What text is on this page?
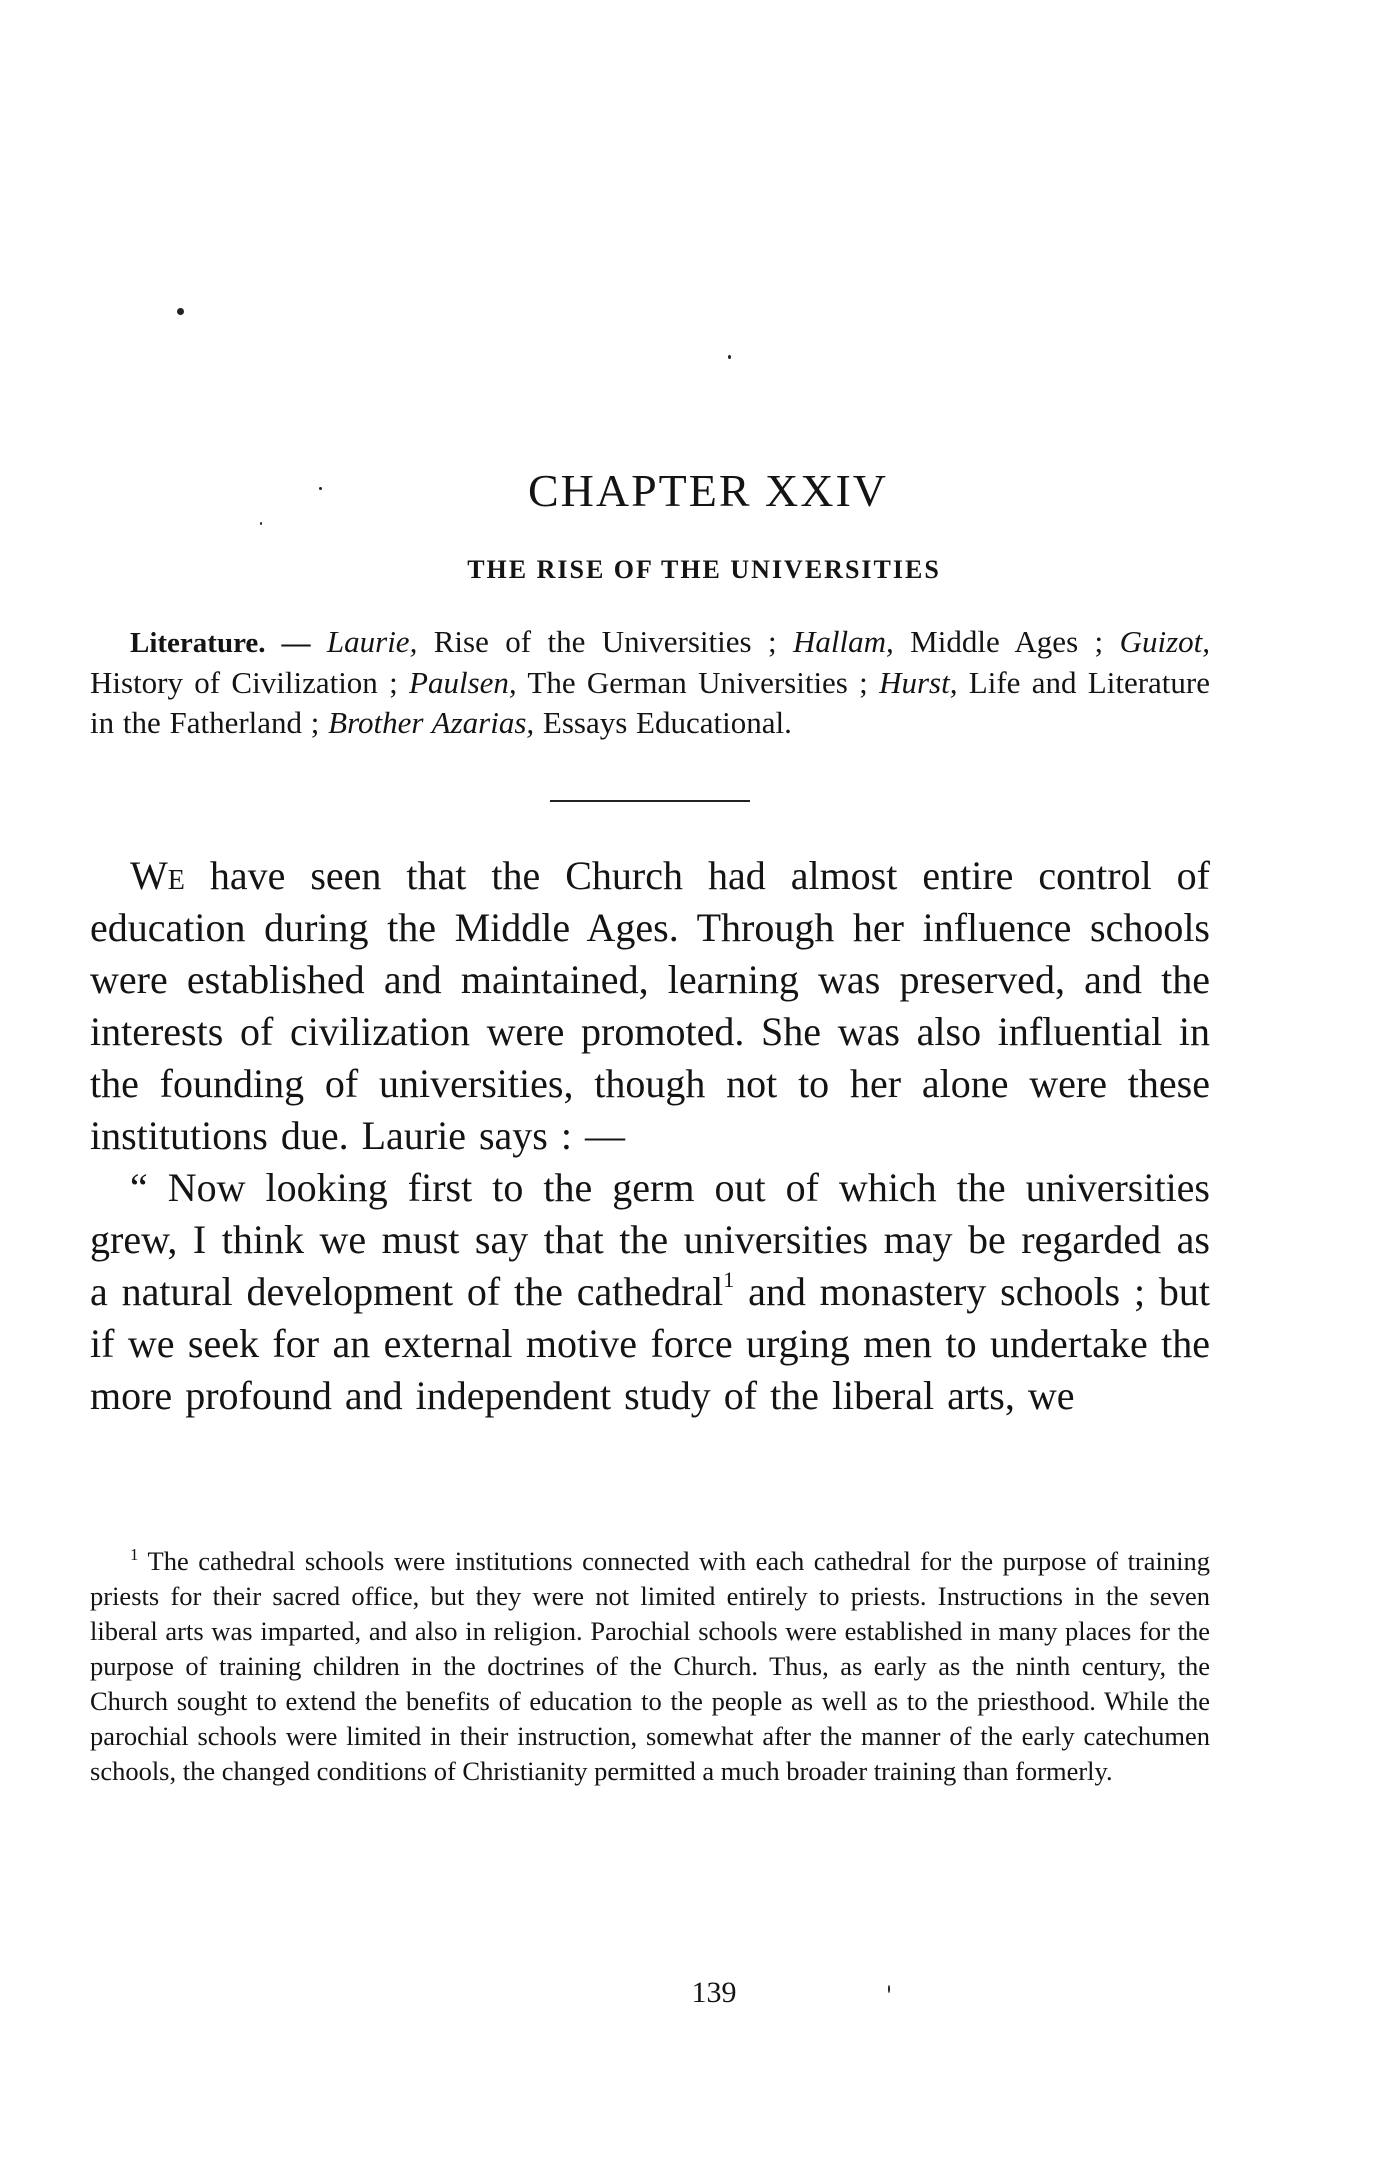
CHAPTER XXIV
THE RISE OF THE UNIVERSITIES
Literature. — Laurie, Rise of the Universities ; Hallam, Middle Ages ; Guizot, History of Civilization ; Paulsen, The German Universities ; Hurst, Life and Literature in the Fatherland ; Brother Azarias, Essays Educational.

We have seen that the Church had almost entire control of education during the Middle Ages. Through her influence schools were established and maintained, learning was preserved, and the interests of civilization were promoted. She was also influential in the founding of universities, though not to her alone were these institutions due. Laurie says : —

“ Now looking first to the germ out of which the universities grew, I think we must say that the universities may be regarded as a natural development of the cathedral$^1$ and monastery schools ; but if we seek for an external motive force urging men to undertake the more profound and independent study of the liberal arts, we

$^1$ The cathedral schools were institutions connected with each cathedral for the purpose of training priests for their sacred office, but they were not limited entirely to priests. Instructions in the seven liberal arts was imparted, and also in religion. Parochial schools were established in many places for the purpose of training children in the doctrines of the Church. Thus, as early as the ninth century, the Church sought to extend the benefits of education to the people as well as to the priesthood. While the parochial schools were limited in their instruction, somewhat after the manner of the early catechumen schools, the changed conditions of Christianity permitted a much broader training than formerly.
139
